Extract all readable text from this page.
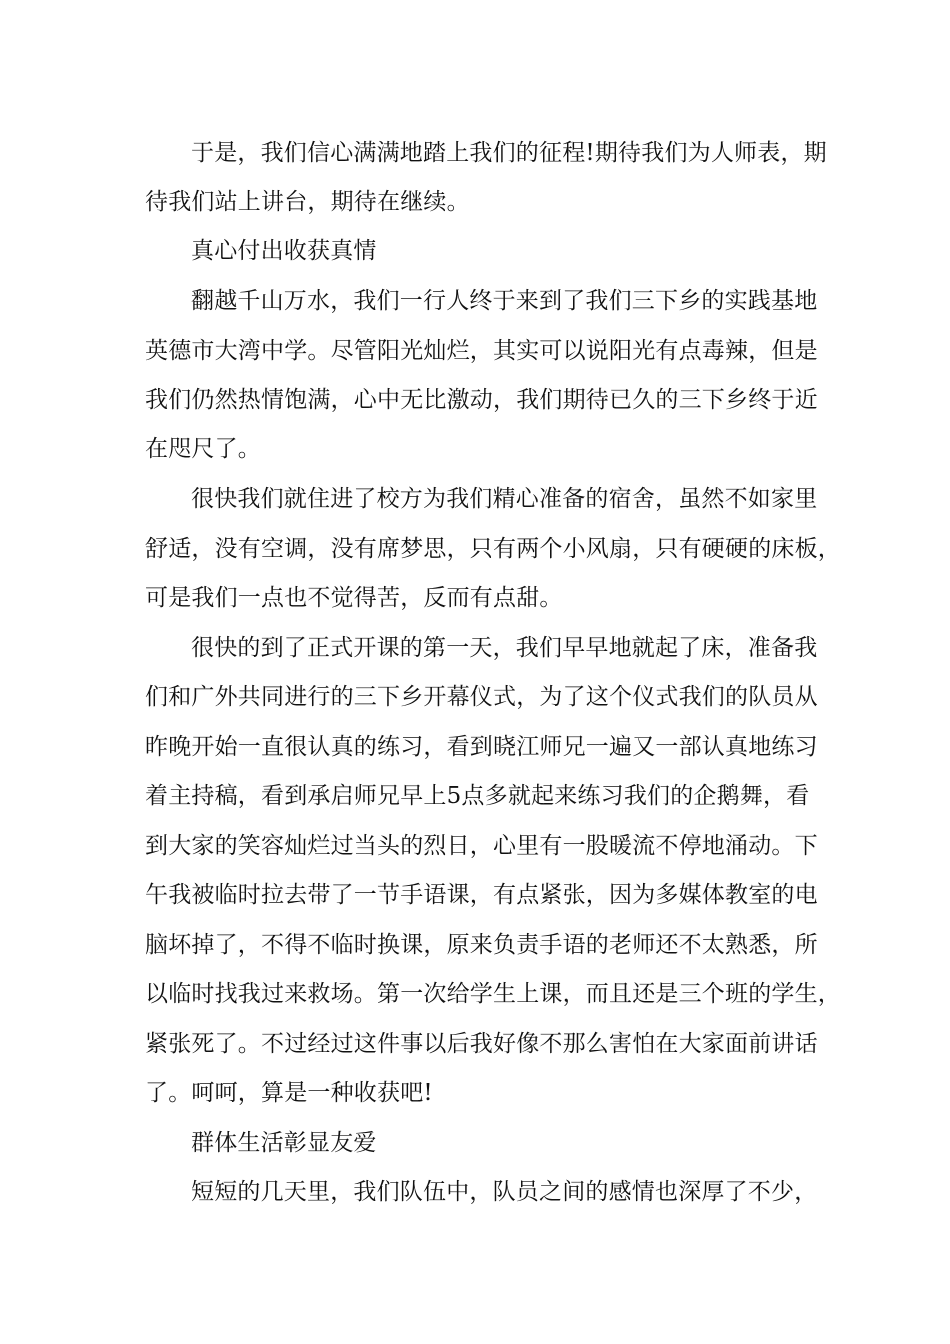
于是，我们信心满满地踏上我们的征程!期待我们为人师表，期
待我们站上讲台，期待在继续。
真心付出收获真情
翻越千山万水，我们一行人终于来到了我们三下乡的实践基地
英德市大湾中学。尽管阳光灿烂，其实可以说阳光有点毒辣，但是
我们仍然热情饱满，心中无比激动，我们期待已久的三下乡终于近
在咫尺了。
很快我们就住进了校方为我们精心准备的宿舍，虽然不如家里
舒适，没有空调，没有席梦思，只有两个小风扇，只有硬硬的床板，
可是我们一点也不觉得苦，反而有点甜。
很快的到了正式开课的第一天，我们早早地就起了床，准备我
们和广外共同进行的三下乡开幕仪式，为了这个仪式我们的队员从
昨晚开始一直很认真的练习，看到晓江师兄一遍又一部认真地练习
着主持稿，看到承启师兄早上5点多就起来练习我们的企鹅舞，看
到大家的笑容灿烂过当头的烈日，心里有一股暖流不停地涌动。下
午我被临时拉去带了一节手语课，有点紧张，因为多媒体教室的电
脑坏掉了，不得不临时换课，原来负责手语的老师还不太熟悉，所
以临时找我过来救场。第一次给学生上课，而且还是三个班的学生，
紧张死了。不过经过这件事以后我好像不那么害怕在大家面前讲话
了。呵呵，算是一种收获吧!
群体生活彰显友爱
短短的几天里，我们队伍中，队员之间的感情也深厚了不少，
